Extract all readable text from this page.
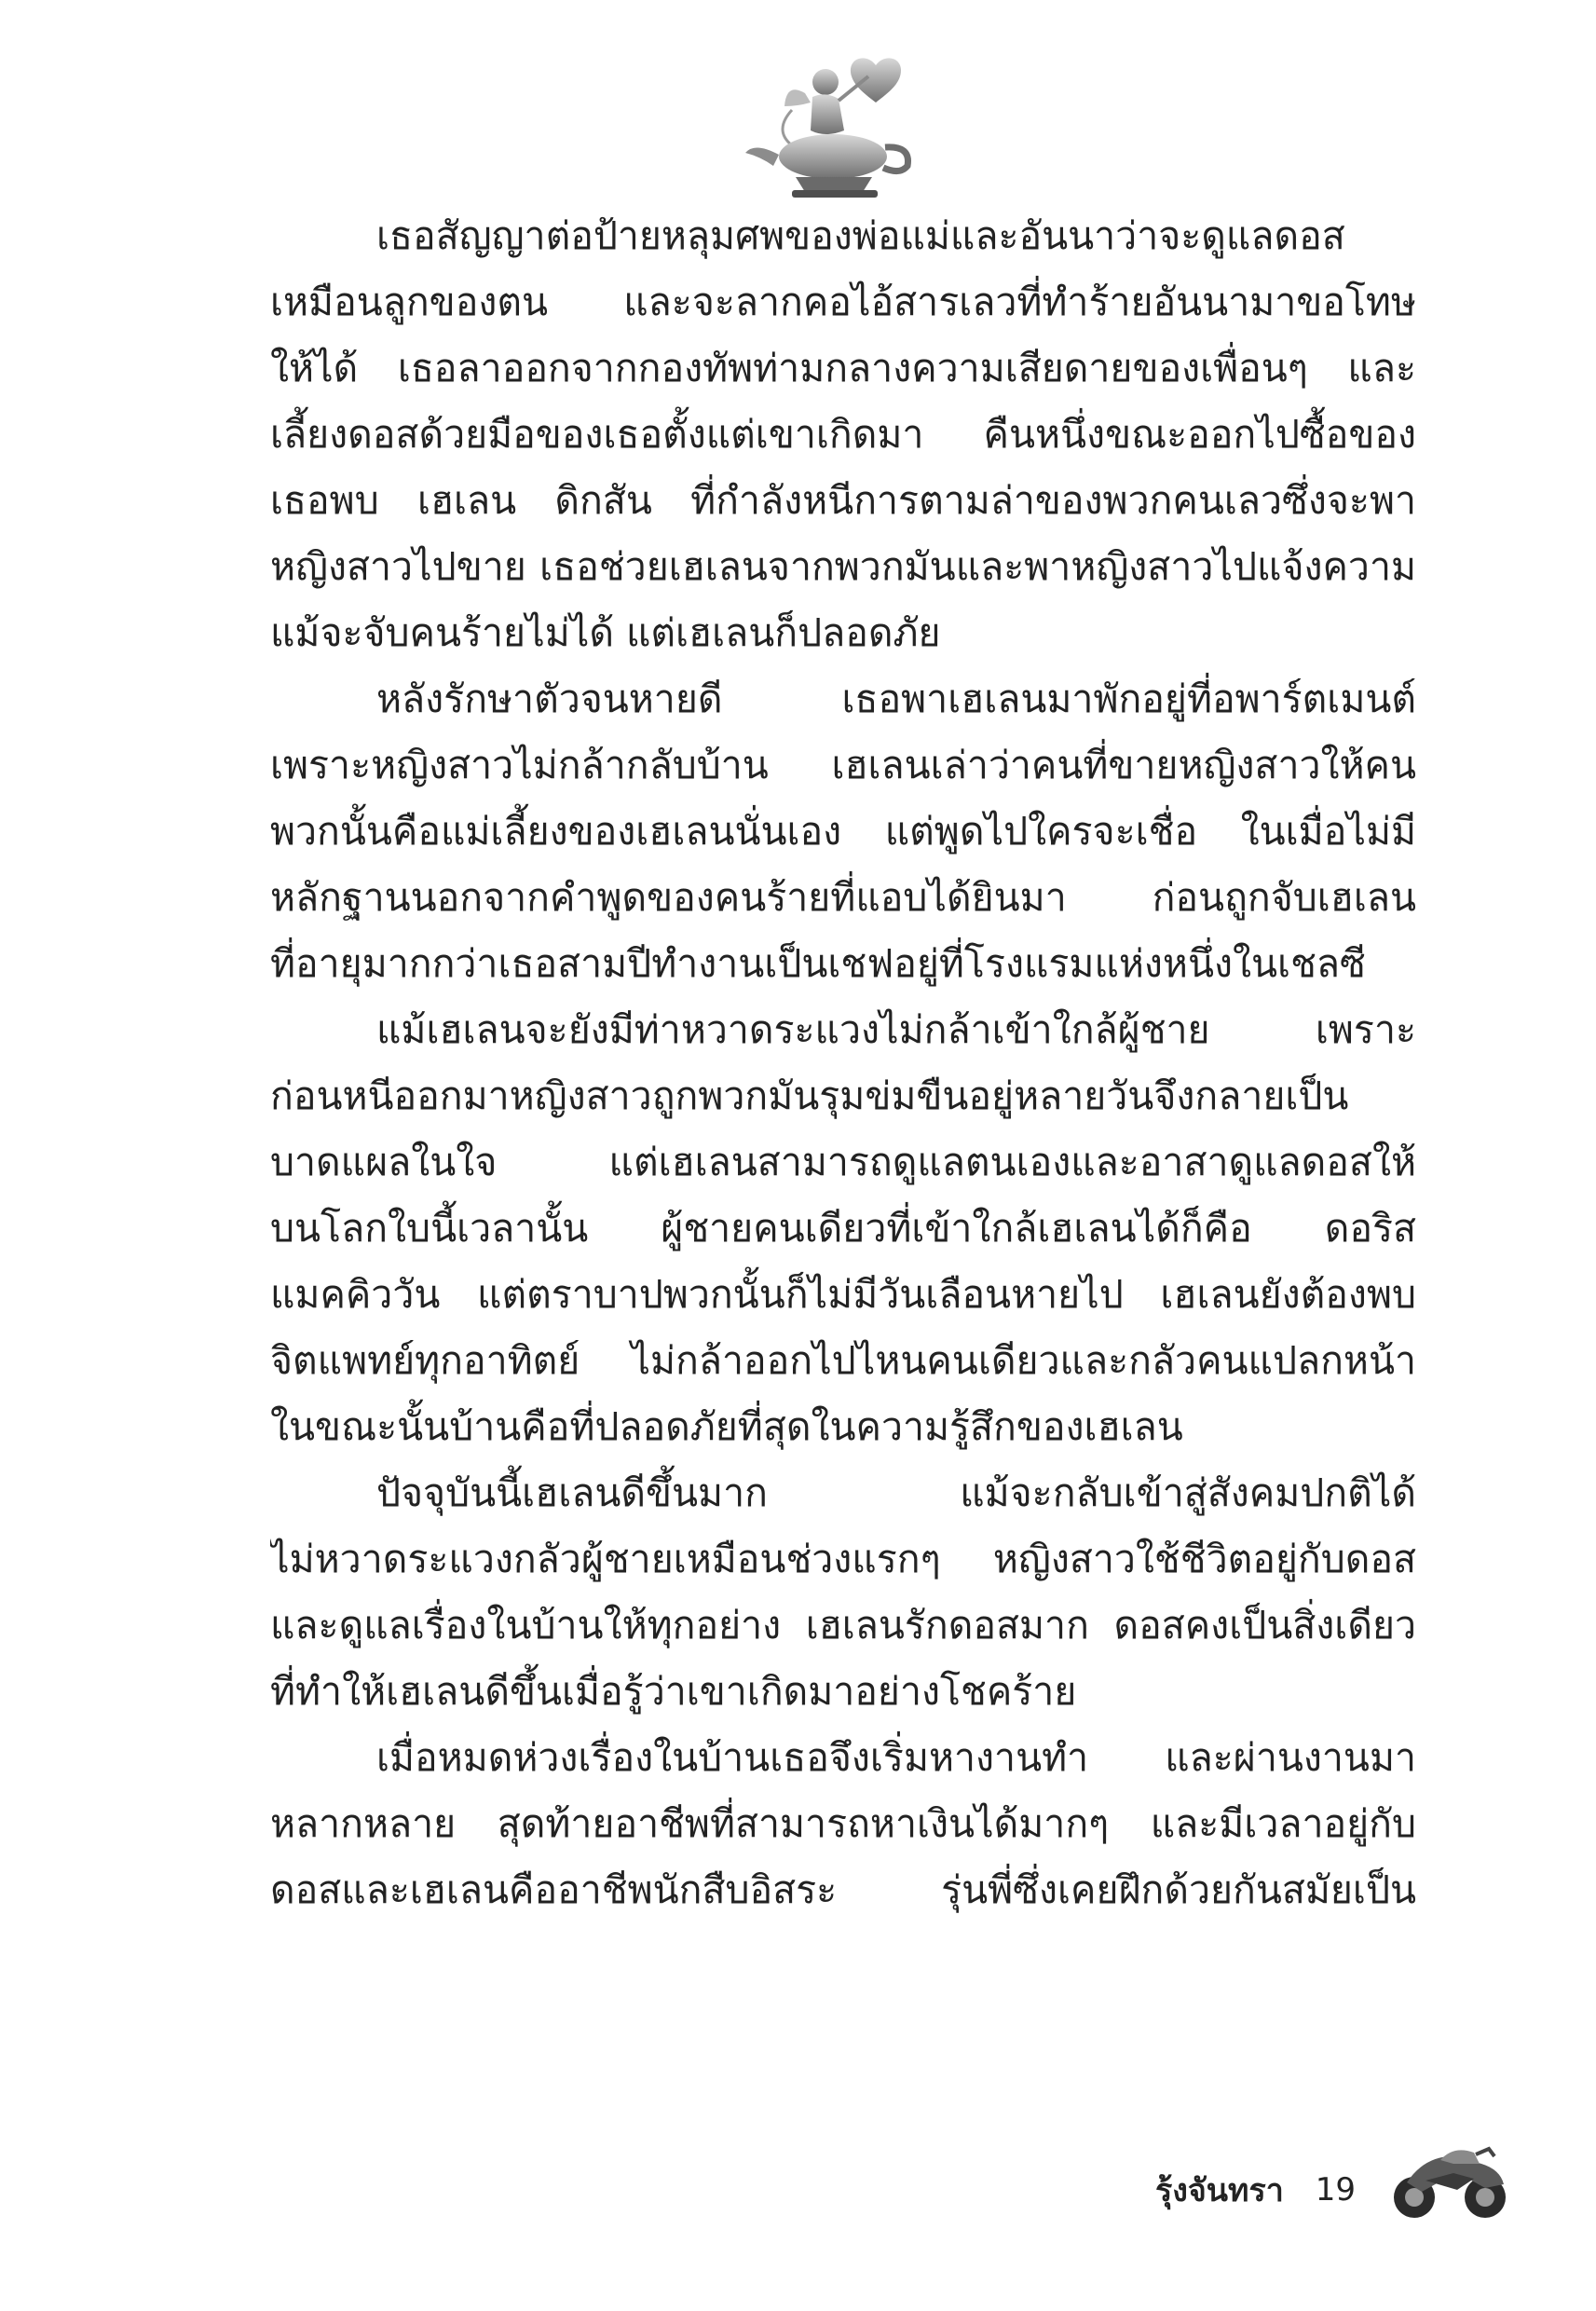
เธอสัญญาต่อป้ายหลุมศพของพ่อแม่และอันนาว่าจะดูแลดอส
เหมือนลูกของตน และจะลากคอไอ้สารเลวที่ทำร้ายอันนามาขอโทษ
ให้ได้ เธอลาออกจากกองทัพท่ามกลางความเสียดายของเพื่อนๆ และ
เลี้ยงดอสด้วยมือของเธอตั้งแต่เขาเกิดมา คืนหนึ่งขณะออกไปซื้อของ
เธอพบ เฮเลน ดิกสัน ที่กำลังหนีการตามล่าของพวกคนเลวซึ่งจะพา
หญิงสาวไปขาย เธอช่วยเฮเลนจากพวกมันและพาหญิงสาวไปแจ้งความ
แม้จะจับคนร้ายไม่ได้ แต่เฮเลนก็ปลอดภัย

หลังรักษาตัวจนหายดี เธอพาเฮเลนมาพักอยู่ที่อพาร์ตเมนต์
เพราะหญิงสาวไม่กล้ากลับบ้าน เฮเลนเล่าว่าคนที่ขายหญิงสาวให้คน
พวกนั้นคือแม่เลี้ยงของเฮเลนนั่นเอง แต่พูดไปใครจะเชื่อ ในเมื่อไม่มี
หลักฐานนอกจากคำพูดของคนร้ายที่แอบได้ยินมา ก่อนถูกจับเฮเลน
ที่อายุมากกว่าเธอสามปีทำงานเป็นเชฟอยู่ที่โรงแรมแห่งหนึ่งในเชลซี

แม้เฮเลนจะยังมีท่าหวาดระแวงไม่กล้าเข้าใกล้ผู้ชาย เพราะ
ก่อนหนีออกมาหญิงสาวถูกพวกมันรุมข่มขืนอยู่หลายวันจึงกลายเป็น
บาดแผลในใจ แต่เฮเลนสามารถดูแลตนเองและอาสาดูแลดอสให้
บนโลกใบนี้เวลานั้น ผู้ชายคนเดียวที่เข้าใกล้เฮเลนได้ก็คือ ดอริส
แมคคิววัน แต่ตราบาปพวกนั้นก็ไม่มีวันเลือนหายไป เฮเลนยังต้องพบ
จิตแพทย์ทุกอาทิตย์ ไม่กล้าออกไปไหนคนเดียวและกลัวคนแปลกหน้า
ในขณะนั้นบ้านคือที่ปลอดภัยที่สุดในความรู้สึกของเฮเลน

ปัจจุบันนี้เฮเลนดีขึ้นมาก แม้จะกลับเข้าสู่สังคมปกติได้
ไม่หวาดระแวงกลัวผู้ชายเหมือนช่วงแรกๆ หญิงสาวใช้ชีวิตอยู่กับดอส
และดูแลเรื่องในบ้านให้ทุกอย่าง เฮเลนรักดอสมาก ดอสคงเป็นสิ่งเดียว
ที่ทำให้เฮเลนดีขึ้นเมื่อรู้ว่าเขาเกิดมาอย่างโชคร้าย

เมื่อหมดห่วงเรื่องในบ้านเธอจึงเริ่มหางานทำ และผ่านงานมา
หลากหลาย สุดท้ายอาชีพที่สามารถหาเงินได้มากๆ และมีเวลาอยู่กับ
ดอสและเฮเลนคืออาชีพนักสืบอิสระ รุ่นพี่ซึ่งเคยฝึกด้วยกันสมัยเป็น

รุ้งจันทรา 19
